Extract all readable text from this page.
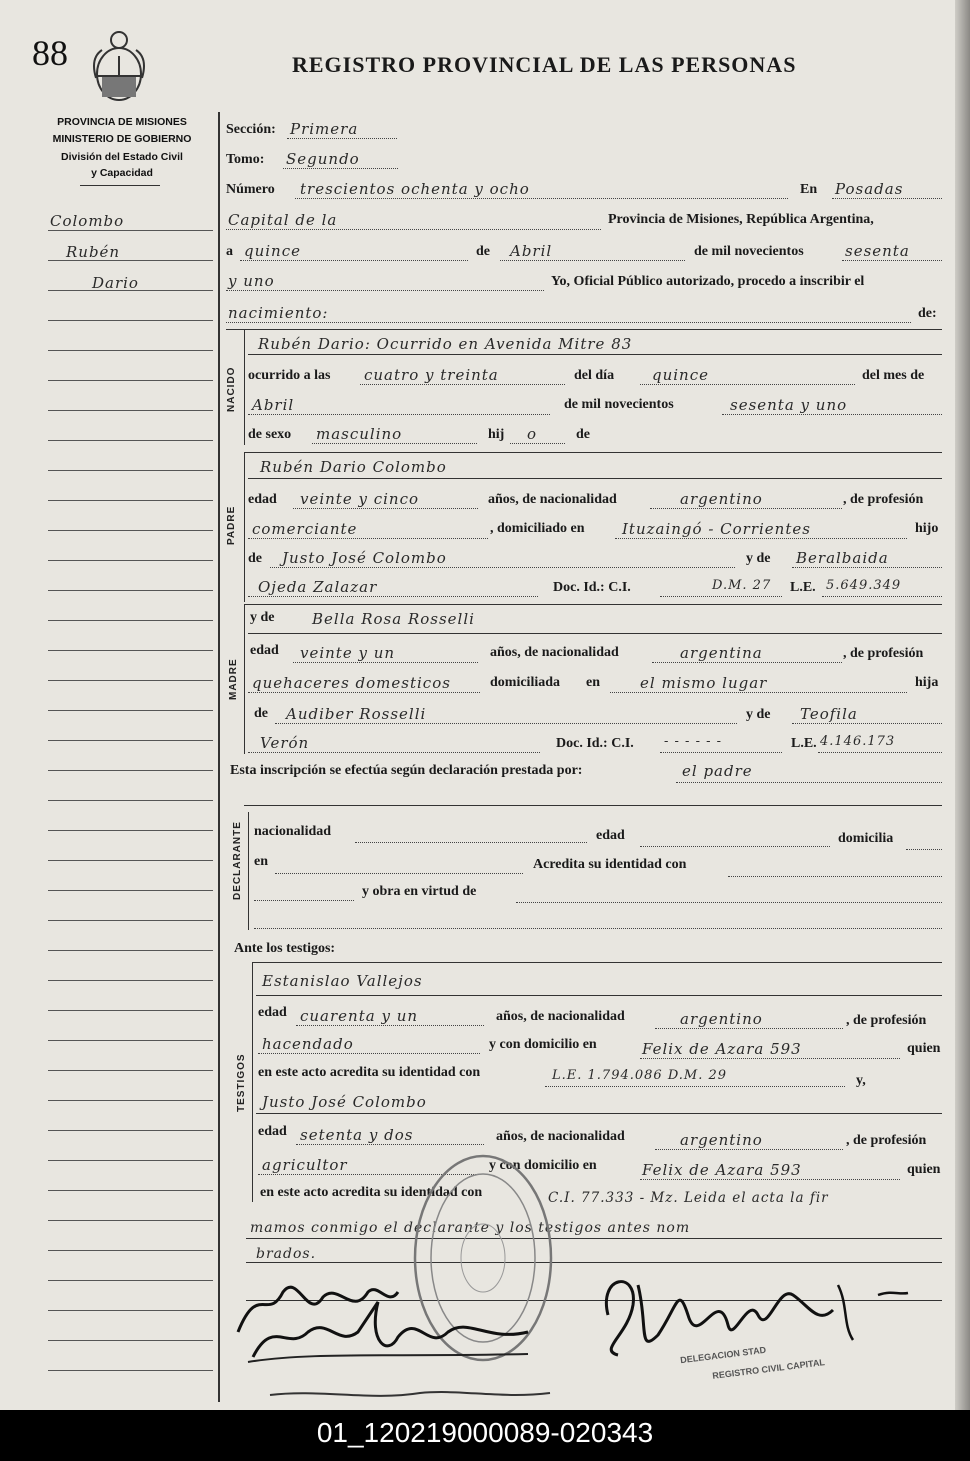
88	REGISTRO PROVINCIAL DE LAS PERSONAS
PROVINCIA DE MISIONES
MINISTERIO DE GOBIERNO
División del Estado Civil
y Capacidad
Colombo
Rubén
Dario
Sección: Primera
Tomo: Segundo
Número trescientos ochenta y ocho	En Posadas
Capital de la	Provincia de Misiones, República Argentina,
a quince	de Abril	de mil novecientos	sesenta
y uno	Yo, Oficial Público autorizado, procedo a inscribir el
nacimiento:	de:
NACIDO
Rubén Dario: Ocurrido en Avenida Mitre 83
ocurrido a las cuatro y treinta	del día	quince	del mes de
Abril	de mil novecientos	sesenta y uno
de sexo masculino	hij o	de
PADRE
Rubén Dario Colombo
edad veinte y cinco	años, de nacionalidad	argentino	, de profesión
comerciante	, domiciliado en Ituzaingó - Corrientes	hijo
de Justo José Colombo	y de Beralbaida
Ojeda Zalazar	Doc. Id.: C.I.	D.M. 27 L.E. 5.649.349
y de	Bella Rosa Rosselli
MADRE
edad veinte y un	años, de nacionalidad	argentina	, de profesión
quehaceres domesticos	domiciliada en	el mismo lugar	hija
de Audiber Rosselli	y de Teofila
Verón	Doc. Id.: C.I. - - - - - -	L.E. 4.146.173
Esta inscripción se efectúa según declaración prestada por:	el padre
DECLARANTE nacionalidad	edad	domicilia
en	Acredita su identidad con
y obra en virtud de
Ante los testigos:
TESTIGOS
Estanislao Vallejos
edad cuarenta y un	años, de nacionalidad	argentino	, de profesión
hacendado	y con domicilio en	Felix de Azara 593	quien
en este acto acredita su identidad con	L.E. 1.794.086 D.M. 29	y,
Justo José Colombo
edad setenta y dos	años, de nacionalidad	argentino	, de profesión
agricultor	y con domicilio en	Felix de Azara 593	quien
en este acto acredita su identidad con	C.I. 77.333 - Mz. Leida el acta la fir
mamos conmigo el declarante y los testigos antes nom
brados.
DELEGACION STAD
REGISTRO CIVIL CAPITAL
01_120219000089-020343
